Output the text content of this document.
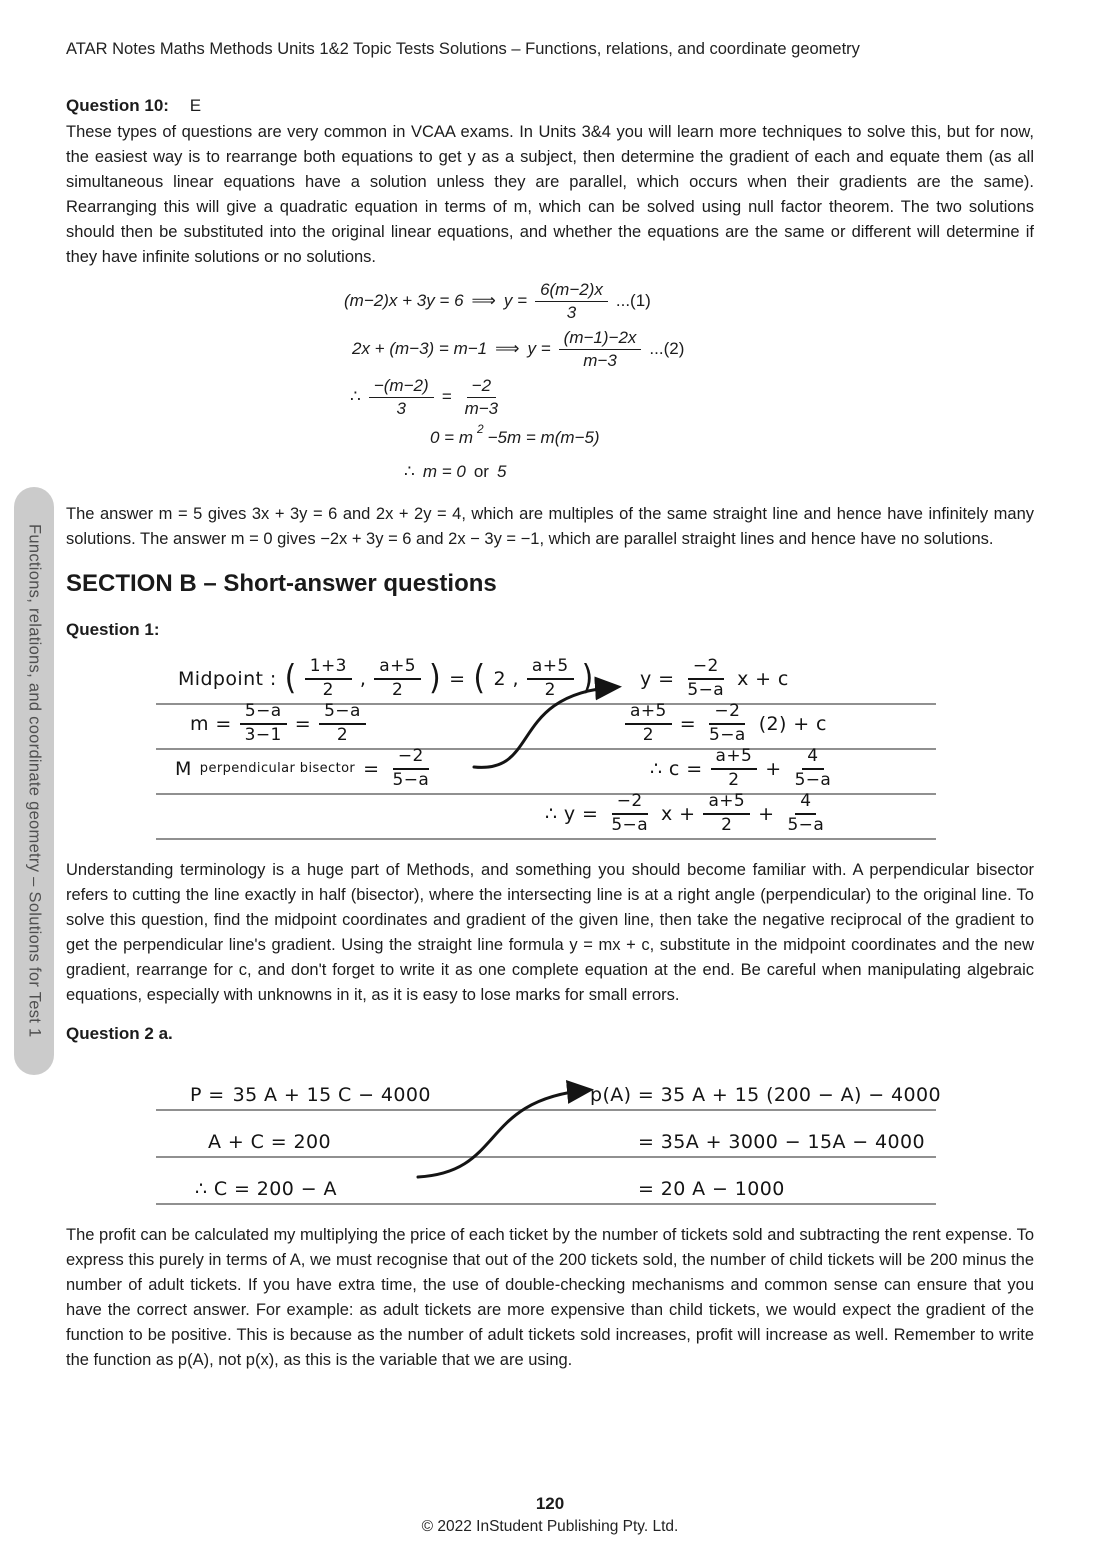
ATAR Notes Maths Methods Units 1&2 Topic Tests Solutions – Functions, relations, and coordinate geometry
Functions, relations, and coordinate geometry – Solutions for Test 1
Question 10: E

These types of questions are very common in VCAA exams. In Units 3&4 you will learn more techniques to solve this, but for now, the easiest way is to rearrange both equations to get y as a subject, then determine the gradient of each and equate them (as all simultaneous linear equations have a solution unless they are parallel, which occurs when their gradients are the same). Rearranging this will give a quadratic equation in terms of m, which can be solved using null factor theorem. The two solutions should then be substituted into the original linear equations, and whether the equations are the same or different will determine if they have infinite solutions or no solutions.

(m−2)x + 3y = 6 ⟹ $y = \frac{6(m-2)x}{3} ...(1)$
2x + (m−3) = m−1 ⟹ $y = \frac{(m-1)-2x}{m-3} ...(2)$
∴ $\frac{-(m-2)}{3} = \frac{-2}{m-3}$
0 = m $^2$ −5m = m(m−5)
∴ m = 0 or 5

The answer m = 5 gives 3x + 3y = 6 and 2x + 2y = 4, which are multiples of the same straight line and hence have infinitely many solutions. The answer m = 0 gives −2x + 3y = 6 and 2x − 3y = −1, which are parallel straight lines and hence have no solutions.

SECTION B – Short-answer questions
Question 1:
Midpoint : ( $\frac{1+3}{2}$ , $\frac{a+5}{2}$ ) = ( 2 , $\frac{a+5}{2}$ ) $y = \frac{-2}{5-a}$ x + c
$m = \frac{5-a}{3-1} = \frac{5-a}{2}$	$\frac{a+5}{2} = \frac{-2}{5-a} (2) + c$
M perpendicular bisector = $\frac{-2}{5-a}$	∴ $c = \frac{a+5}{2} + \frac{4}{5-a}$
∴ $y = \frac{-2}{5-a}$ $x + \frac{a+5}{2} + \frac{4}{5-a}$

Understanding terminology is a huge part of Methods, and something you should become familiar with. A perpendicular bisector refers to cutting the line exactly in half (bisector), where the intersecting line is at a right angle (perpendicular) to the original line. To solve this question, find the midpoint coordinates and gradient of the given line, then take the negative reciprocal of the gradient to get the perpendicular line's gradient. Using the straight line formula y = mx + c, substitute in the midpoint coordinates and the new gradient, rearrange for c, and don't forget to write it as one complete equation at the end. Be careful when manipulating algebraic equations, especially with unknowns in it, as it is easy to lose marks for small errors.

Question 2 a.
P = 35 A + 15 C − 4000	p(A) = 35 A + 15 (200 − A) − 4000
A + C = 200	= 35A + 3000 − 15A − 4000
∴ C = 200 − A	= 20 A − 1000

The profit can be calculated my multiplying the price of each ticket by the number of tickets sold and subtracting the rent expense. To express this purely in terms of A, we must recognise that out of the 200 tickets sold, the number of child tickets will be 200 minus the number of adult tickets. If you have extra time, the use of double-checking mechanisms and common sense can ensure that you have the correct answer. For example: as adult tickets are more expensive than child tickets, we would expect the gradient of the function to be positive. This is because as the number of adult tickets sold increases, profit will increase as well. Remember to write the function as p(A), not p(x), as this is the variable that we are using.

120
© 2022 InStudent Publishing Pty. Ltd.
